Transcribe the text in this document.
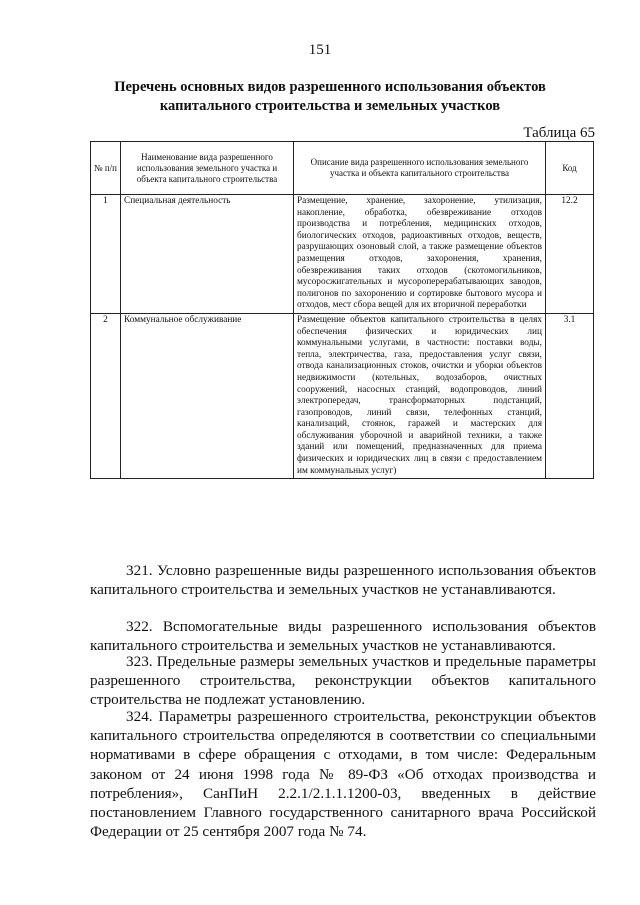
151
Перечень основных видов разрешенного использования объектов капитального строительства и земельных участков
Таблица 65
№ п/п	Наименование вида разрешенного использования земельного участка и объекта капитального строительства	Описание вида разрешенного использования земельного участка и объекта капитального строительства	Код
1	Специальная деятельность	Размещение, хранение, захоронение, утилизация, накопление, обработка, обезвреживание отходов производства и потребления, медицинских отходов, биологических отходов, радиоактивных отходов, веществ, разрушающих озоновый слой, а также размещение объектов размещения отходов, захоронения, хранения, обезвреживания таких отходов (скотомогильников, мусоросжигательных и мусороперерабатывающих заводов, полигонов по захоронению и сортировке бытового мусора и отходов, мест сбора вещей для их вторичной переработки	12.2
2	Коммунальное обслуживание	Размещение объектов капитального строительства в целях обеспечения физических и юридических лиц коммунальными услугами, в частности: поставки воды, тепла, электричества, газа, предоставления услуг связи, отвода канализационных стоков, очистки и уборки объектов недвижимости (котельных, водозаборов, очистных сооружений, насосных станций, водопроводов, линий электропередач, трансформаторных подстанций, газопроводов, линий связи, телефонных станций, канализаций, стоянок, гаражей и мастерских для обслуживания уборочной и аварийной техники, а также зданий или помещений, предназначенных для приема физических и юридических лиц в связи с предоставлением им коммунальных услуг)	3.1

321. Условно разрешенные виды разрешенного использования объектов капитального строительства и земельных участков не устанавливаются.

322. Вспомогательные виды разрешенного использования объектов капитального строительства и земельных участков не устанавливаются.

323. Предельные размеры земельных участков и предельные параметры разрешенного строительства, реконструкции объектов капитального строительства не подлежат установлению.

324. Параметры разрешенного строительства, реконструкции объектов капитального строительства определяются в соответствии со специальными нормативами в сфере обращения с отходами, в том числе: Федеральным законом от 24 июня 1998 года № 89-ФЗ «Об отходах производства и потребления», СанПиН 2.2.1/2.1.1.1200-03, введенных в действие постановлением Главного государственного санитарного врача Российской Федерации от 25 сентября 2007 года № 74.
